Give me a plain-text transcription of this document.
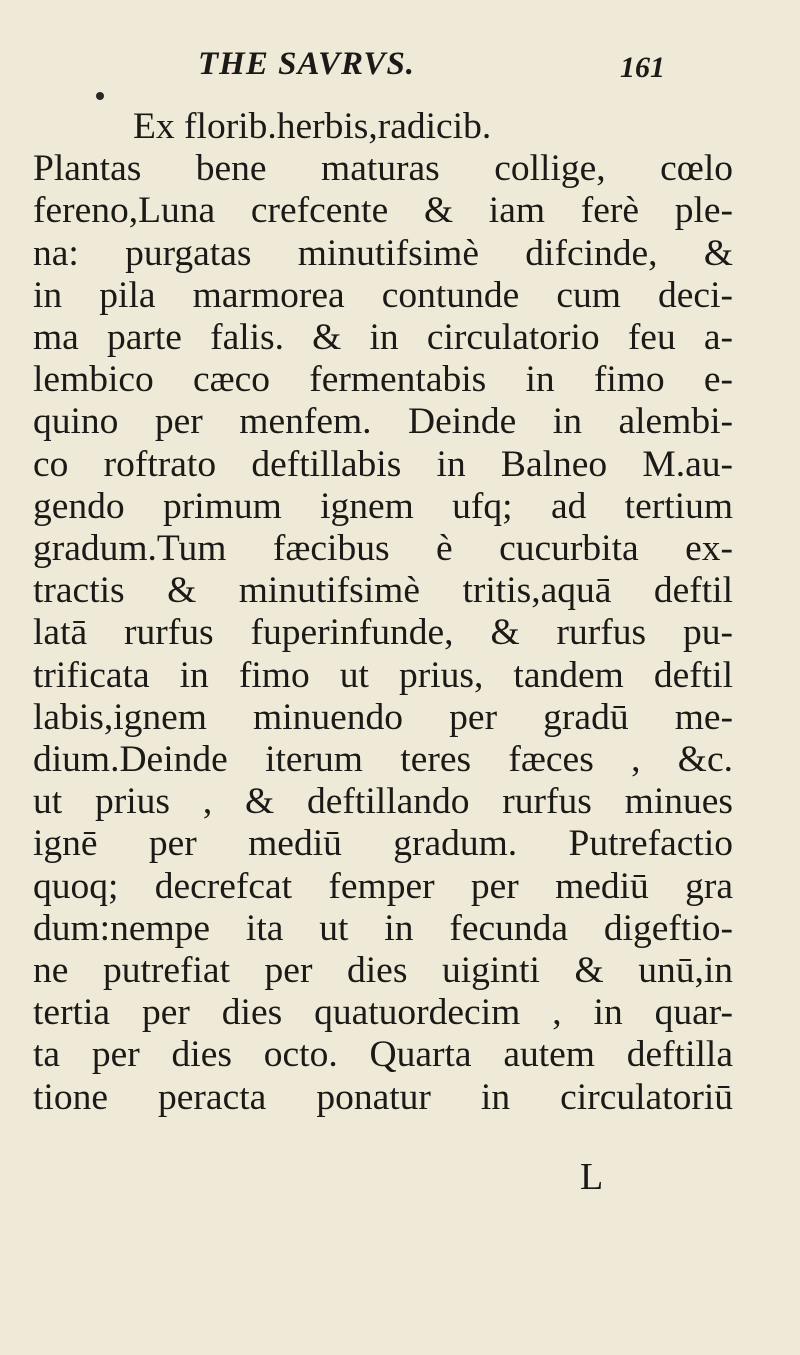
THE SAVRVS.	161
Ex florib.herbis,radicib.
Plantas bene maturas collige, cœlo
fereno,Luna crefcente & iam ferè ple-
na: purgatas minutifsimè difcinde, &
in pila marmorea contunde cum deci-
ma parte falis. & in circulatorio feu a-
lembico cæco fermentabis in fimo e-
quino per menfem. Deinde in alembi-
co roftrato deftillabis in Balneo M.au-
gendo primum ignem ufq; ad tertium
gradum.Tum fæcibus è cucurbita ex-
tractis & minutifsimè tritis,aquā deftil
latā rurfus fuperinfunde, & rurfus pu-
trificata in fimo ut prius, tandem deftil
labis,ignem minuendo per gradū me-
dium.Deinde iterum teres fæces , &c.
ut prius , & deftillando rurfus minues
ignē per mediū gradum. Putrefactio
quoq; decrefcat femper per mediū gra
dum:nempe ita ut in fecunda digeftio-
ne putrefiat per dies uiginti & unū,in
tertia per dies quatuordecim , in quar-
ta per dies octo. Quarta autem deftilla
tione peracta ponatur in circulatoriū
L
